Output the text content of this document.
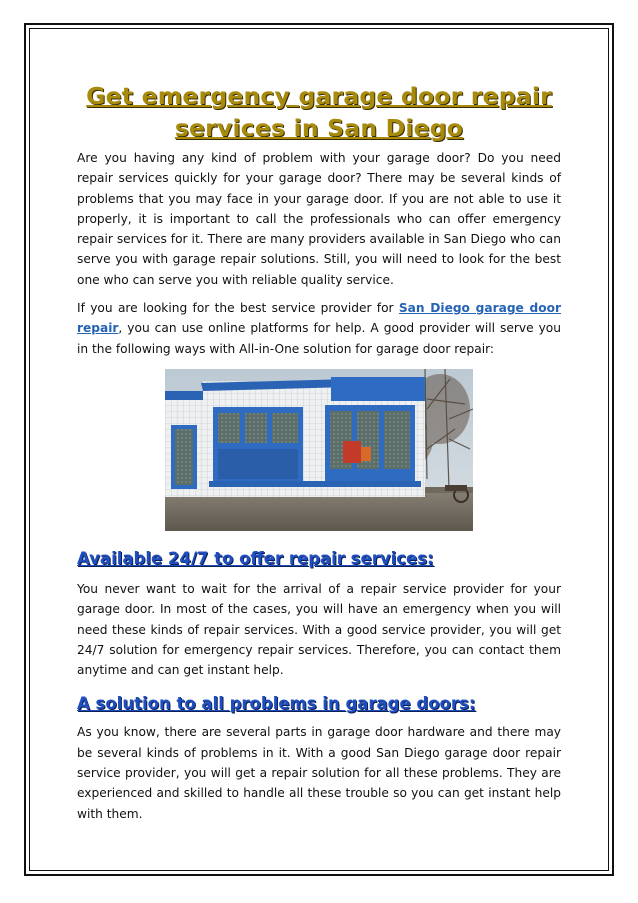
Get emergency garage door repair
services in San Diego

Are you having any kind of problem with your garage door? Do you need repair services quickly for your garage door? There may be several kinds of problems that you may face in your garage door. If you are not able to use it properly, it is important to call the professionals who can offer emergency repair services for it. There are many providers available in San Diego who can serve you with garage repair solutions. Still, you will need to look for the best one who can serve you with reliable quality service.

If you are looking for the best service provider for San Diego garage door repair, you can use online platforms for help. A good provider will serve you in the following ways with All-in-One solution for garage door repair:

Available 24/7 to offer repair services:

You never want to wait for the arrival of a repair service provider for your garage door. In most of the cases, you will have an emergency when you will need these kinds of repair services. With a good service provider, you will get 24/7 solution for emergency repair services. Therefore, you can contact them anytime and can get instant help.

A solution to all problems in garage doors:

As you know, there are several parts in garage door hardware and there may be several kinds of problems in it. With a good San Diego garage door repair service provider, you will get a repair solution for all these problems. They are experienced and skilled to handle all these trouble so you can get instant help with them.
